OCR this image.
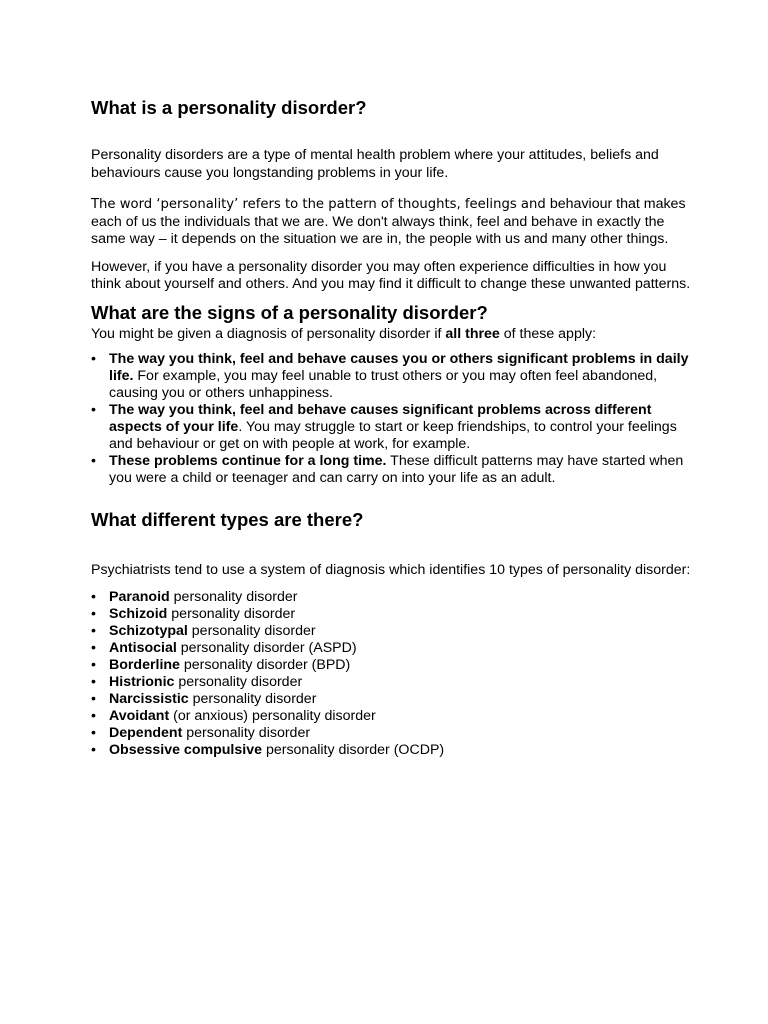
What is a personality disorder?

Personality disorders are a type of mental health problem where your attitudes, beliefs and behaviours cause you longstanding problems in your life.

The word ‘personality’ refers to the pattern of thoughts, feelings and behaviour that makes each of us the individuals that we are. We don't always think, feel and behave in exactly the same way – it depends on the situation we are in, the people with us and many other things.

However, if you have a personality disorder you may often experience difficulties in how you think about yourself and others. And you may find it difficult to change these unwanted patterns.

What are the signs of a personality disorder?

You might be given a diagnosis of personality disorder if all three of these apply:

• The way you think, feel and behave causes you or others significant problems in daily life. For example, you may feel unable to trust others or you may often feel abandoned, causing you or others unhappiness.
• The way you think, feel and behave causes significant problems across different aspects of your life. You may struggle to start or keep friendships, to control your feelings and behaviour or get on with people at work, for example.
• These problems continue for a long time. These difficult patterns may have started when you were a child or teenager and can carry on into your life as an adult.
What different types are there?

Psychiatrists tend to use a system of diagnosis which identifies 10 types of personality disorder:

• Paranoid personality disorder
• Schizoid personality disorder
• Schizotypal personality disorder
• Antisocial personality disorder (ASPD)
• Borderline personality disorder (BPD)
• Histrionic personality disorder
• Narcissistic personality disorder
• Avoidant (or anxious) personality disorder
• Dependent personality disorder
• Obsessive compulsive personality disorder (OCDP)
